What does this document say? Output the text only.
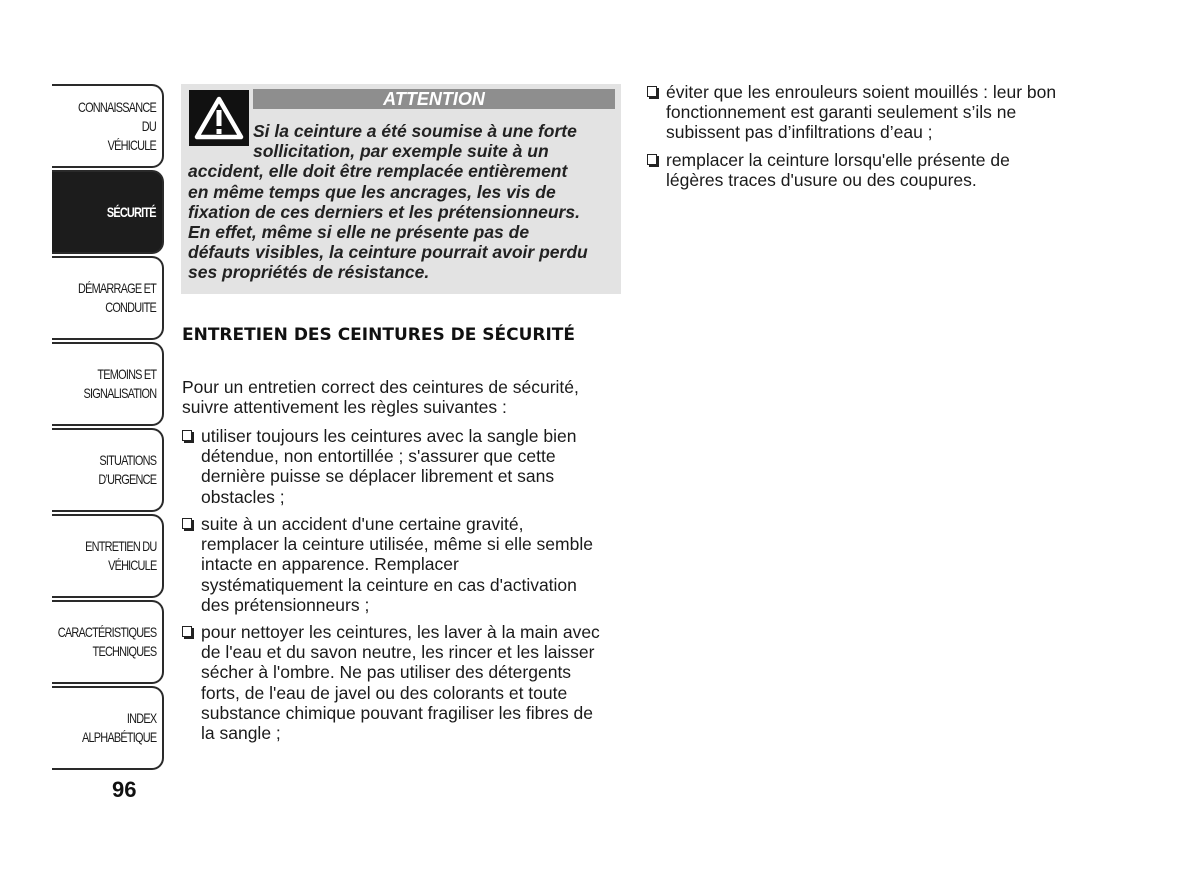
CONNAISSANCE DU
VÉHICULE
SÉCURITÉ
DÉMARRAGE ET
CONDUITE
TEMOINS ET
SIGNALISATION
SITUATIONS
D’URGENCE
ENTRETIEN DU
VÉHICULE
CARACTÉRISTIQUES
TECHNIQUES
INDEX
ALPHABÉTIQUE
96
ATTENTION
Si la ceinture a été soumise à une forte
sollicitation, par exemple suite à un
accident, elle doit être remplacée entièrement
en même temps que les ancrages, les vis de
fixation de ces derniers et les prétensionneurs.
En effet, même si elle ne présente pas de
défauts visibles, la ceinture pourrait avoir perdu
ses propriétés de résistance.
ENTRETIEN DES CEINTURES DE SÉCURITÉ
Pour un entretien correct des ceintures de sécurité,
suivre attentivement les règles suivantes :
utiliser toujours les ceintures avec la sangle bien
détendue, non entortillée ; s'assurer que cette
dernière puisse se déplacer librement et sans
obstacles ;
suite à un accident d'une certaine gravité,
remplacer la ceinture utilisée, même si elle semble
intacte en apparence. Remplacer
systématiquement la ceinture en cas d'activation
des prétensionneurs ;
pour nettoyer les ceintures, les laver à la main avec
de l'eau et du savon neutre, les rincer et les laisser
sécher à l'ombre. Ne pas utiliser des détergents
forts, de l'eau de javel ou des colorants et toute
substance chimique pouvant fragiliser les fibres de
la sangle ;
éviter que les enrouleurs soient mouillés : leur bon
fonctionnement est garanti seulement s’ils ne
subissent pas d’infiltrations d’eau ;
remplacer la ceinture lorsqu'elle présente de
légères traces d'usure ou des coupures.
